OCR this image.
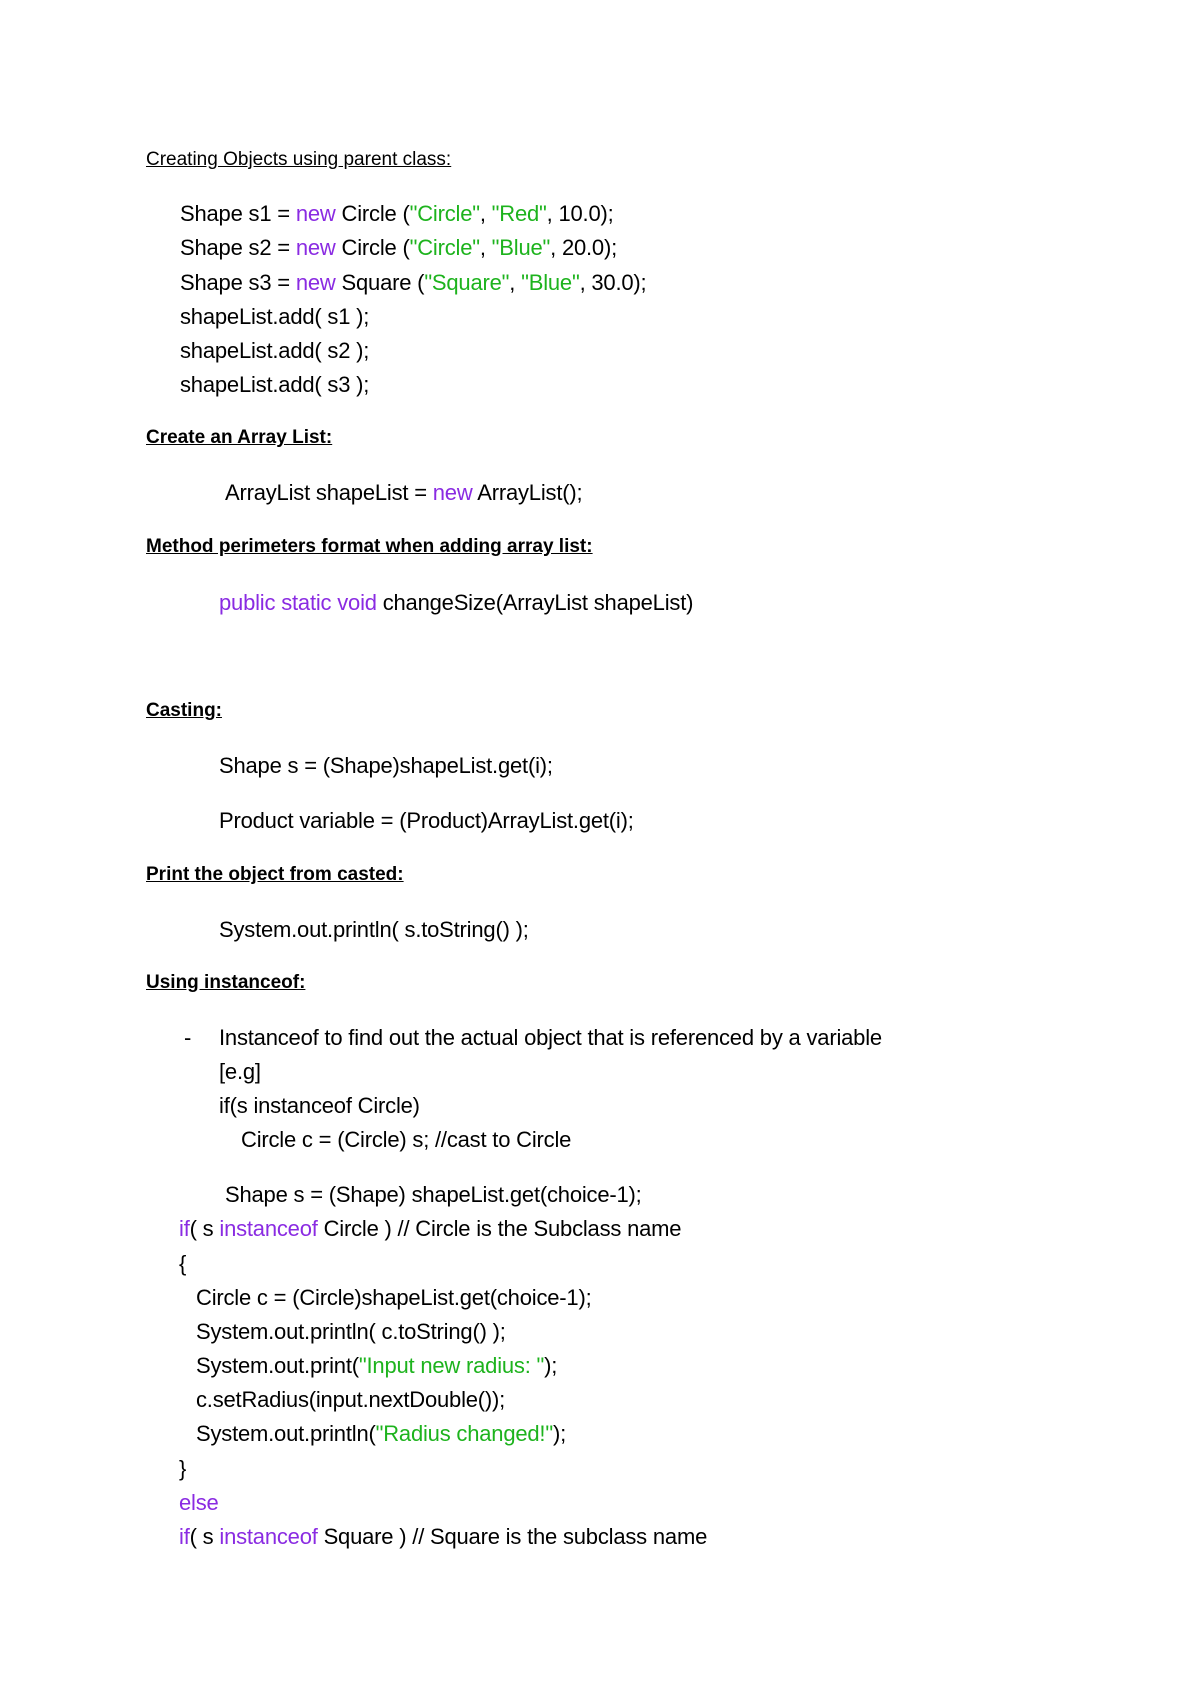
Creating Objects using parent class:
Shape s1 = new Circle ("Circle", "Red", 10.0);
Shape s2 = new Circle ("Circle", "Blue", 20.0);
Shape s3 = new Square ("Square", "Blue", 30.0);
shapeList.add( s1 );
shapeList.add( s2 );
shapeList.add( s3 );
Create an Array List:
ArrayList shapeList = new ArrayList();
Method perimeters format when adding array list:
public static void changeSize(ArrayList shapeList)
Casting:
Shape s = (Shape)shapeList.get(i);
Product variable = (Product)ArrayList.get(i);
Print the object from casted:
System.out.println( s.toString() );
Using instanceof:
- Instanceof to find out the actual object that is referenced by a variable
[e.g]
if(s instanceof Circle)
Circle c = (Circle) s; //cast to Circle
Shape s = (Shape) shapeList.get(choice-1);
if( s instanceof Circle ) // Circle is the Subclass name
{
Circle c = (Circle)shapeList.get(choice-1);
System.out.println( c.toString() );
System.out.print("Input new radius: ");
c.setRadius(input.nextDouble());
System.out.println("Radius changed!");
}
else
if( s instanceof Square ) // Square is the subclass name
